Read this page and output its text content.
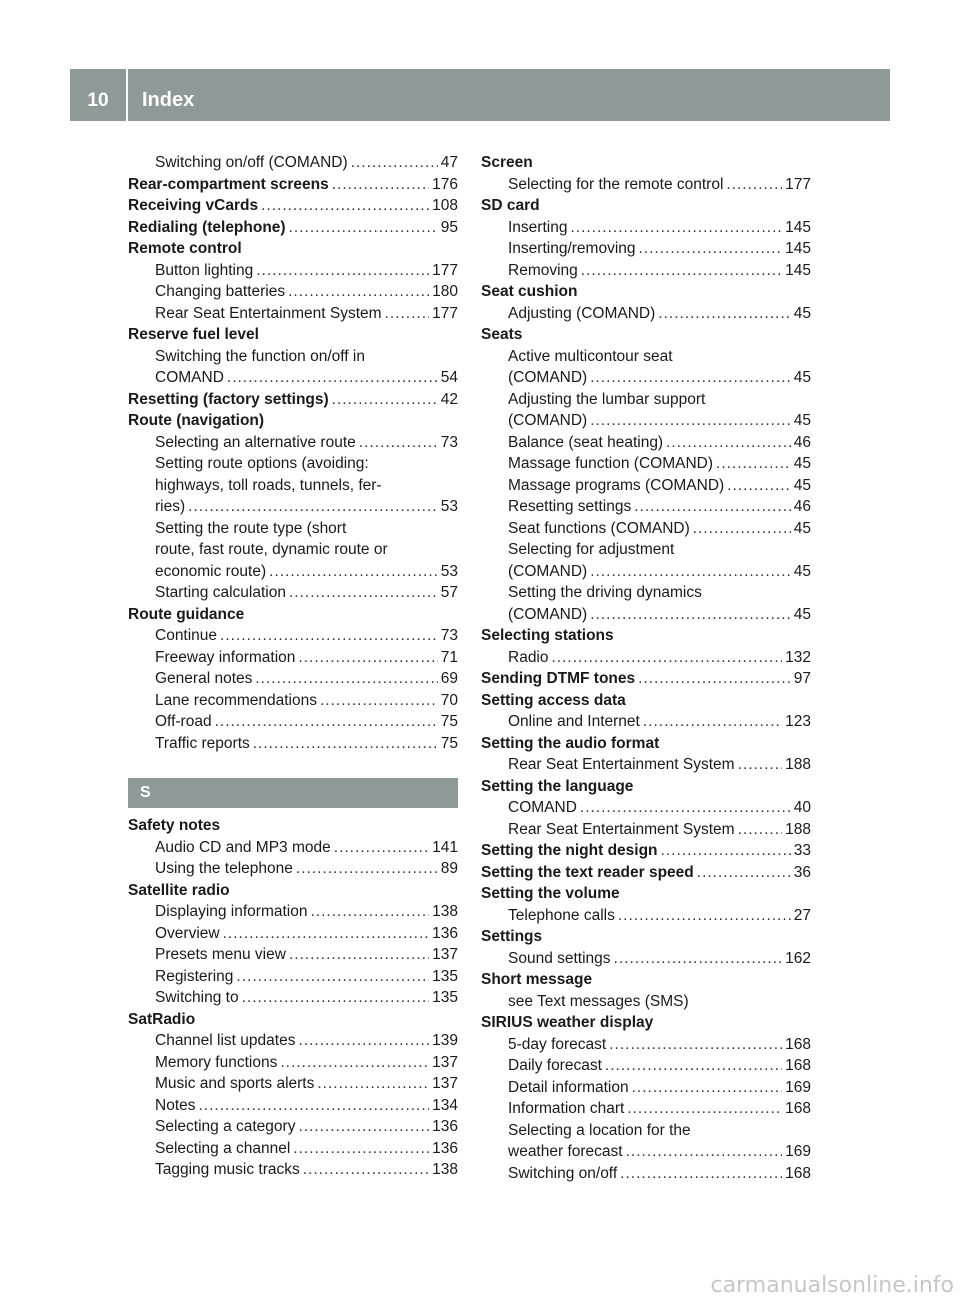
10	Index
Switching on/off (COMAND) .....	47
Rear-compartment screens .....	176
Receiving vCards .....	108
Redialing (telephone) .....	95
Remote control
Button lighting .....	177
Changing batteries .....	180
Rear Seat Entertainment System .....	177
Reserve fuel level
Switching the function on/off in
COMAND .....	54
Resetting (factory settings) .....	42
Route (navigation)
Selecting an alternative route .....	73
Setting route options (avoiding:
highways, toll roads, tunnels, fer-
ries) .....	53
Setting the route type (short
route, fast route, dynamic route or
economic route) .....	53
Starting calculation .....	57
Route guidance
Continue .....	73
Freeway information .....	71
General notes .....	69
Lane recommendations .....	70
Off-road .....	75
Traffic reports .....	75
S
Safety notes
Audio CD and MP3 mode .....	141
Using the telephone .....	89
Satellite radio
Displaying information .....	138
Overview .....	136
Presets menu view .....	137
Registering .....	135
Switching to .....	135
SatRadio
Channel list updates .....	139
Memory functions .....	137
Music and sports alerts .....	137
Notes .....	134
Selecting a category .....	136
Selecting a channel .....	136
Tagging music tracks .....	138
Screen
Selecting for the remote control .....	177
SD card
Inserting .....	145
Inserting/removing .....	145
Removing .....	145
Seat cushion
Adjusting (COMAND) .....	45
Seats
Active multicontour seat
(COMAND) .....	45
Adjusting the lumbar support
(COMAND) .....	45
Balance (seat heating) .....	46
Massage function (COMAND) .....	45
Massage programs (COMAND) .....	45
Resetting settings .....	46
Seat functions (COMAND) .....	45
Selecting for adjustment
(COMAND) .....	45
Setting the driving dynamics
(COMAND) .....	45
Selecting stations
Radio .....	132
Sending DTMF tones .....	97
Setting access data
Online and Internet .....	123
Setting the audio format
Rear Seat Entertainment System .....	188
Setting the language
COMAND .....	40
Rear Seat Entertainment System .....	188
Setting the night design .....	33
Setting the text reader speed .....	36
Setting the volume
Telephone calls .....	27
Settings
Sound settings .....	162
Short message
see Text messages (SMS)
SIRIUS weather display
5-day forecast .....	168
Daily forecast .....	168
Detail information .....	169
Information chart .....	168
Selecting a location for the
weather forecast .....	169
Switching on/off .....	168
carmanualsonline.info
